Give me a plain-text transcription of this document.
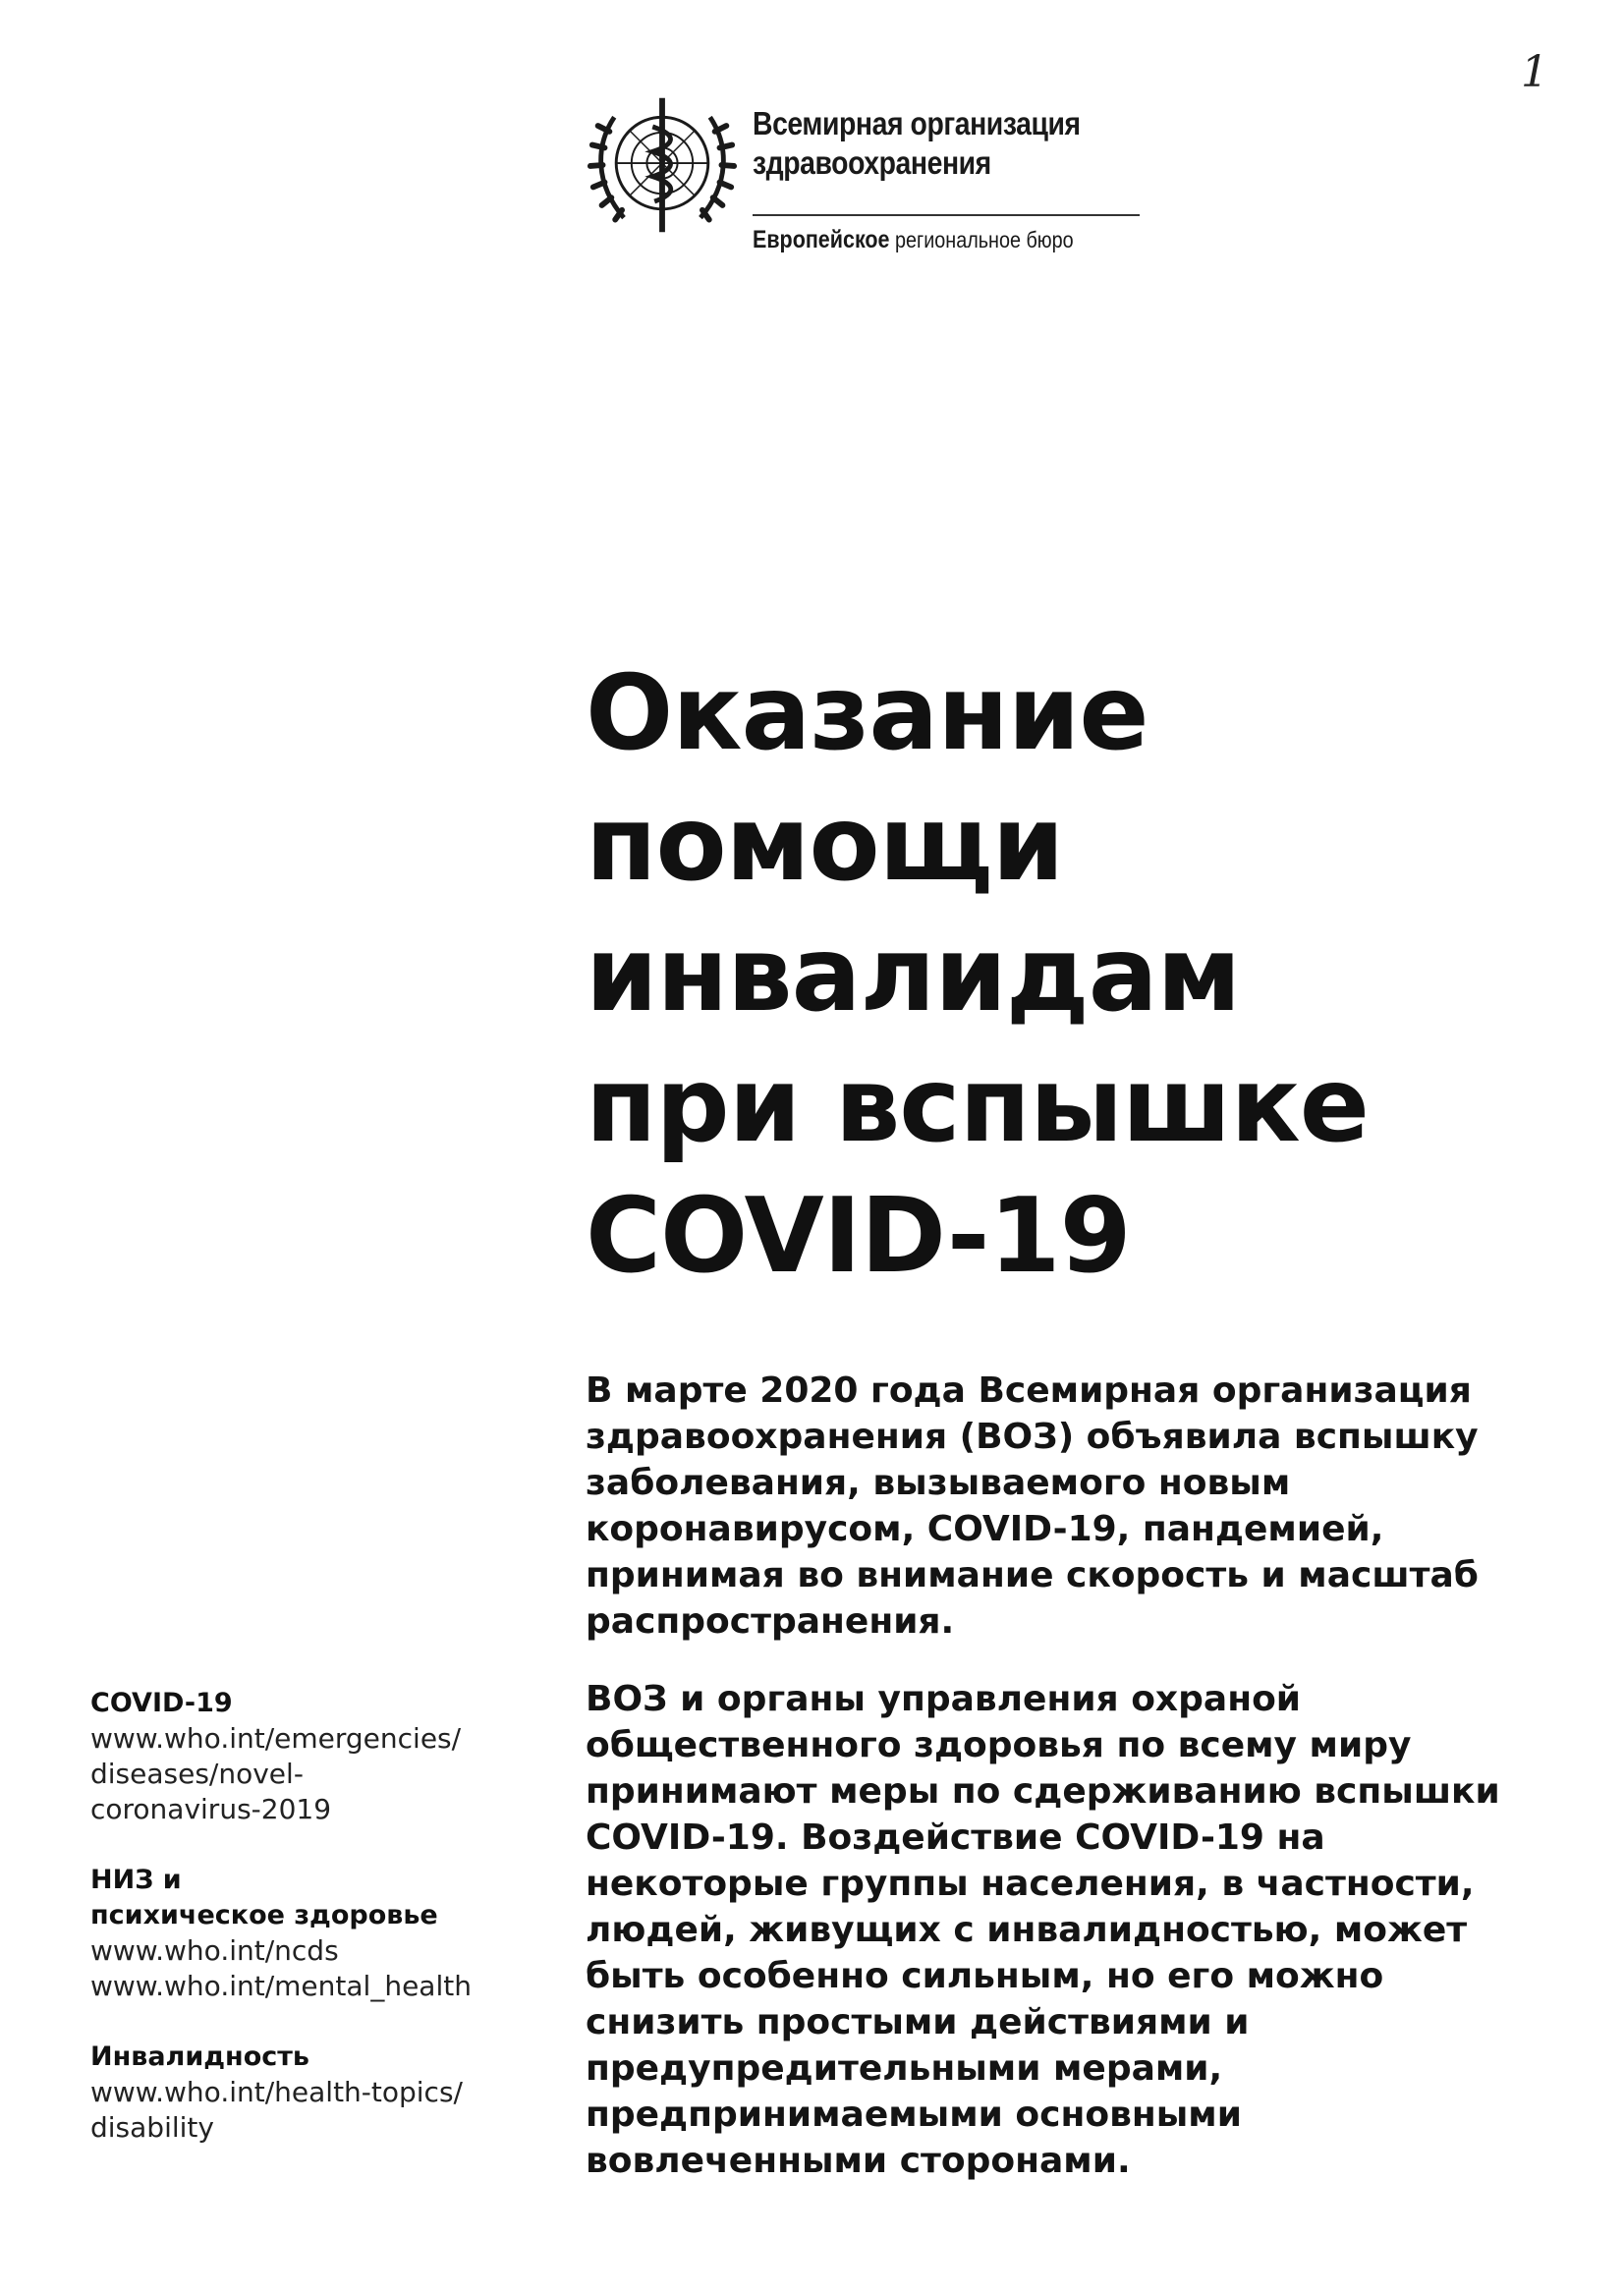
1
Всемирная организация
здравоохранения
Европейское региональное бюро
Оказание
помощи
инвалидам
при вспышке
COVID-19

В марте 2020 года Всемирная организация здравоохранения (ВОЗ) объявила вспышку заболевания, вызываемого новым коронавирусом, COVID-19, пандемией, принимая во внимание скорость и масштаб распространения.

ВОЗ и органы управления охраной общественного здоровья по всему миру принимают меры по сдерживанию вспышки COVID-19. Воздействие COVID-19 на некоторые группы населения, в частности, людей, живущих с инвалидностью, может быть особенно сильным, но его можно снизить простыми действиями и предупредительными мерами, предпринимаемыми основными вовлеченными сторонами.

COVID-19
www.who.int/emergencies/
diseases/novel-
coronavirus-2019
НИЗ и
психическое здоровье
www.who.int/ncds
www.who.int/mental_health
Инвалидность
www.who.int/health-topics/
disability
